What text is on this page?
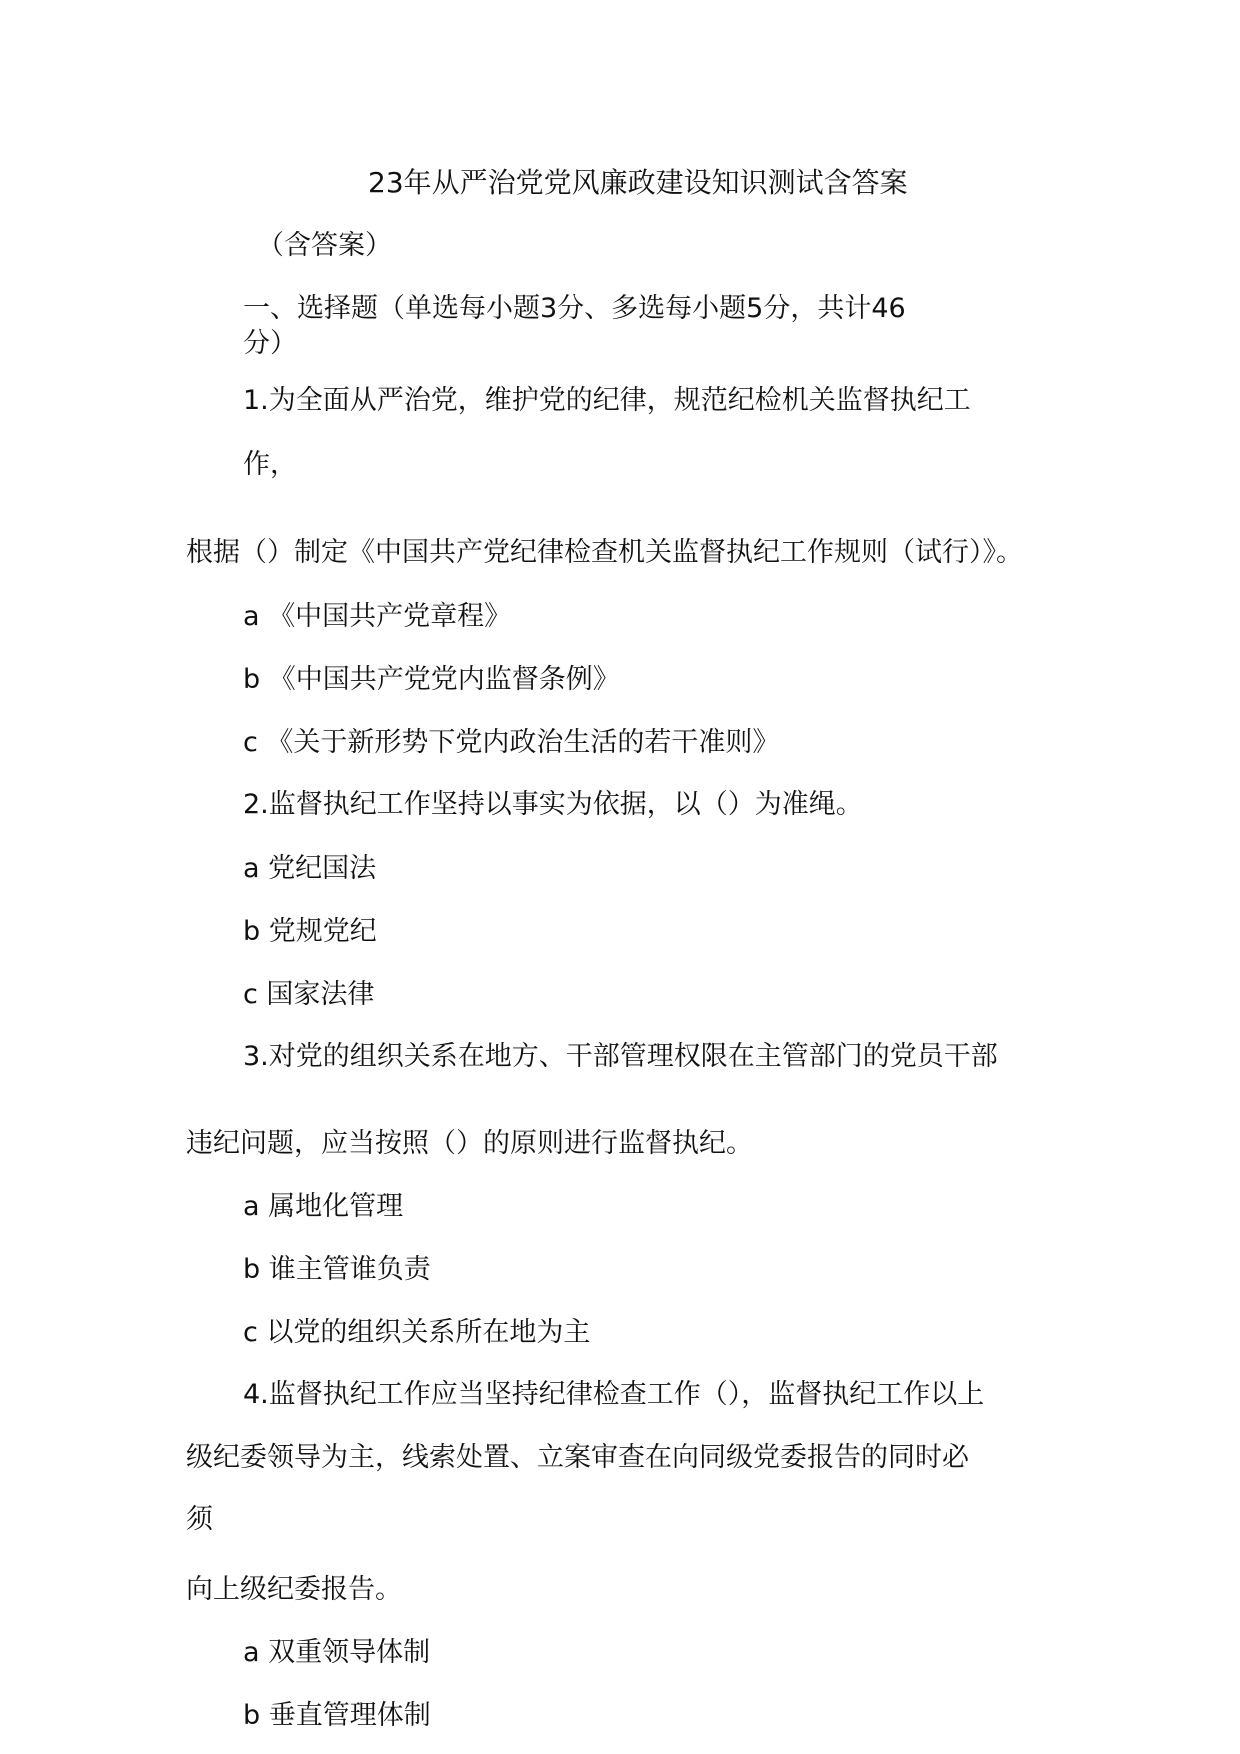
23年从严治党党风廉政建设知识测试含答案
（含答案）
一、选择题（单选每小题3分、多选每小题5分，共计46
分）
1.为全面从严治党，维护党的纪律，规范纪检机关监督执纪工
作，
根据（）制定《中国共产党纪律检查机关监督执纪工作规则（试行）》。
a 《中国共产党章程》
b 《中国共产党党内监督条例》
c 《关于新形势下党内政治生活的若干准则》
2.监督执纪工作坚持以事实为依据，以（）为准绳。
a 党纪国法
b 党规党纪
c 国家法律
3.对党的组织关系在地方、干部管理权限在主管部门的党员干部
违纪问题，应当按照（）的原则进行监督执纪。
a 属地化管理
b 谁主管谁负责
c 以党的组织关系所在地为主
4.监督执纪工作应当坚持纪律检查工作（），监督执纪工作以上
级纪委领导为主，线索处置、立案审查在向同级党委报告的同时必
须
向上级纪委报告。
a 双重领导体制
b 垂直管理体制
